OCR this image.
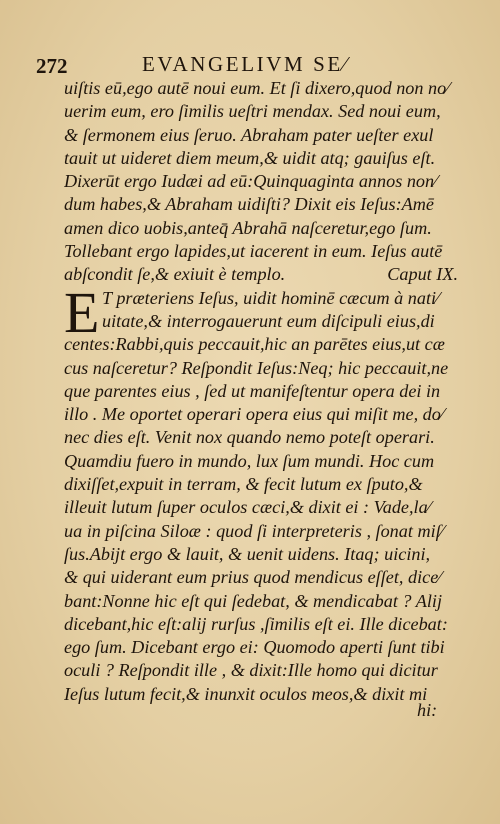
272	EVANGELIVM SE⁄
uiſtis eū,ego autē noui eum. Et ſi dixero,quod non no⁄
uerim eum, ero ſimilis ueſtri mendax. Sed noui eum,
& ſermonem eius ſeruo. Abraham pater ueſter exul
tauit ut uideret diem meum,& uidit atq; gauiſus eſt.
Dixerūt ergo Iudæi ad eū:Quinquaginta annos non⁄
dum habes,& Abraham uidiſti? Dixit eis Ieſus:Amē
amen dico uobis,anteq̄ Abrahā naſceretur,ego ſum.
Tollebant ergo lapides,ut iacerent in eum. Ieſus autē
abſcondit ſe,& exiuit è templo.	Caput IX.
T præteriens Ieſus, uidit hominē cæcum à nati⁄
uitate,& interrogauerunt eum diſcipuli eius,di
centes:Rabbi,quis peccauit,hic an parētes eius,ut cæ
cus naſceretur? Reſpondit Ieſus:Neq; hic peccauit,ne
que parentes eius , ſed ut manifeſtentur opera dei in
illo . Me oportet operari opera eius qui miſit me, do⁄
nec dies eſt. Venit nox quando nemo poteſt operari.
Quamdiu fuero in mundo, lux ſum mundi. Hoc cum
dixiſſet,expuit in terram, & fecit lutum ex ſputo,&
illeuit lutum ſuper oculos cæci,& dixit ei : Vade,la⁄
ua in piſcina Siloæ : quod ſi interpreteris , ſonat miſ⁄
ſus.Abijt ergo & lauit, & uenit uidens. Itaq; uicini,
& qui uiderant eum prius quod mendicus eſſet, dice⁄
bant:Nonne hic eſt qui ſedebat, & mendicabat ? Alij
dicebant,hic eſt:alij rurſus ,ſimilis eſt ei. Ille dicebat:
ego ſum. Dicebant ergo ei: Quomodo aperti ſunt tibi
oculi ? Reſpondit ille , & dixit:Ille homo qui dicitur
Ieſus lutum fecit,& inunxit oculos meos,& dixit mi
E
hi:
